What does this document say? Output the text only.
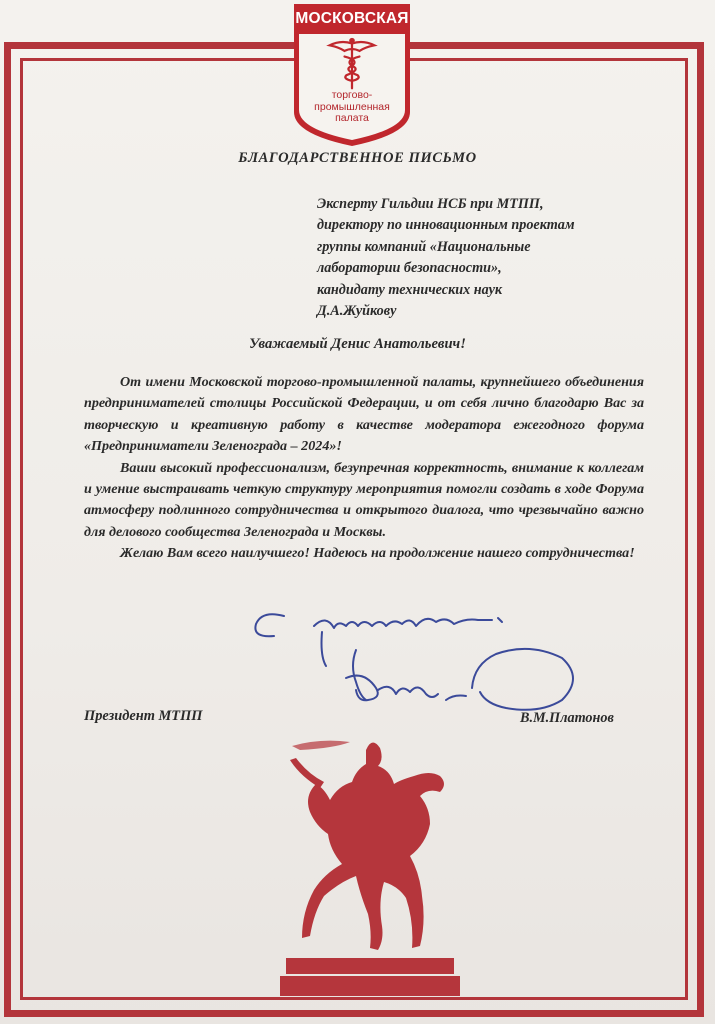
МОСКОВСКАЯ
торгово-
промышленная
палата
БЛАГОДАРСТВЕННОЕ ПИСЬМО
Эксперту Гильдии НСБ при МТПП,
директору по инновационным проектам
группы компаний «Национальные
лаборатории безопасности»,
кандидату технических наук
Д.А.Жуйкову
Уважаемый Денис Анатольевич!

От имени Московской торгово-промышленной палаты, крупнейшего объединения предпринимателей столицы Российской Федерации, и от себя лично благодарю Вас за творческую и креативную работу в качестве модератора ежегодного форума «Предприниматели Зеленограда – 2024»!

Ваши высокий профессионализм, безупречная корректность, внимание к коллегам и умение выстраивать четкую структуру мероприятия помогли создать в ходе Форума атмосферу подлинного сотрудничества и открытого диалога, что чрезвычайно важно для делового сообщества Зеленограда и Москвы.

Желаю Вам всего наилучшего! Надеюсь на продолжение нашего сотрудничества!

Президент МТПП	В.М.Платонов
